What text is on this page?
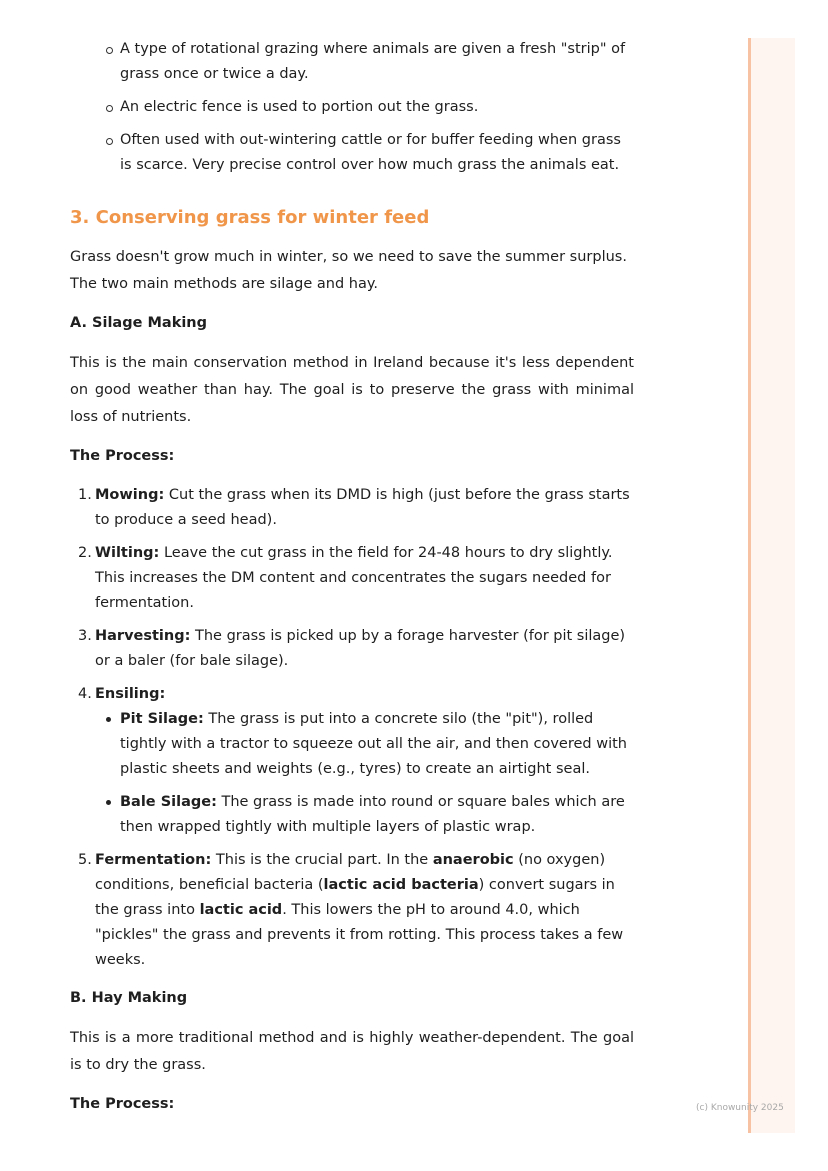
(c) Knowunity 2025
A type of rotational grazing where animals are given a fresh "strip" of grass once or twice a day.
An electric fence is used to portion out the grass.
Often used with out-wintering cattle or for buffer feeding when grass is scarce. Very precise control over how much grass the animals eat.
3. Conserving grass for winter feed

Grass doesn't grow much in winter, so we need to save the summer surplus. The two main methods are silage and hay.

A. Silage Making

This is the main conservation method in Ireland because it's less dependent on good weather than hay. The goal is to preserve the grass with minimal loss of nutrients.

The Process:
1. Mowing: Cut the grass when its DMD is high (just before the grass starts to produce a seed head).
2. Wilting: Leave the cut grass in the field for 24-48 hours to dry slightly. This increases the DM content and concentrates the sugars needed for fermentation.
3. Harvesting: The grass is picked up by a forage harvester (for pit silage) or a baler (for bale silage).
4. Ensiling:
Pit Silage: The grass is put into a concrete silo (the "pit"), rolled tightly with a tractor to squeeze out all the air, and then covered with plastic sheets and weights (e.g., tyres) to create an airtight seal.
Bale Silage: The grass is made into round or square bales which are then wrapped tightly with multiple layers of plastic wrap.
5. Fermentation: This is the crucial part. In the anaerobic (no oxygen) conditions, beneficial bacteria (lactic acid bacteria) convert sugars in the grass into lactic acid. This lowers the pH to around 4.0, which "pickles" the grass and prevents it from rotting. This process takes a few weeks.
B. Hay Making

This is a more traditional method and is highly weather-dependent. The goal is to dry the grass.

The Process:
